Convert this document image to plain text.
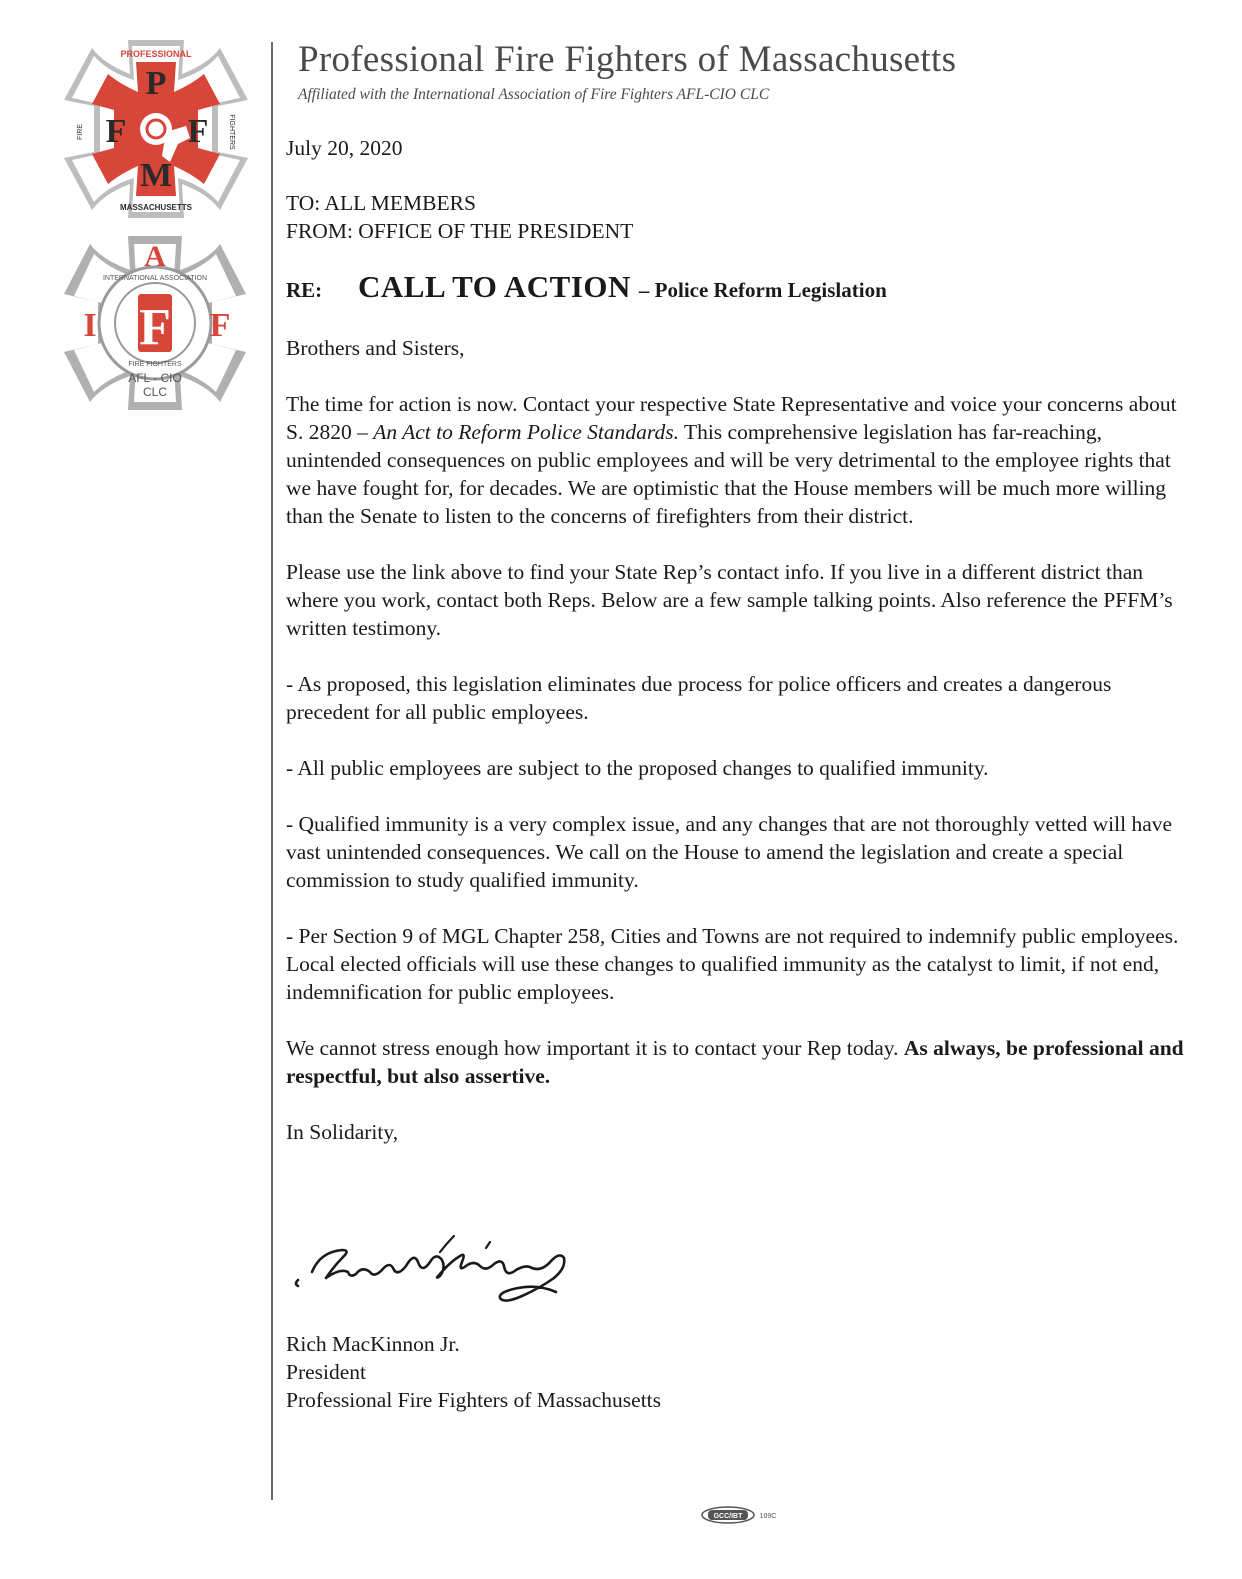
P
F F
M
PROFESSIONAL
MASSACHUSETTS
FIRE	FIGHTERS
F
A
I	F
INTERNATIONAL ASSOCIATION
FIRE FIGHTERS
AFL - CIO
CLC
Professional Fire Fighters of Massachusetts
Affiliated with the International Association of Fire Fighters AFL-CIO CLC

July 20, 2020

TO: ALL MEMBERS

FROM: OFFICE OF THE PRESIDENT

RE:	CALL TO ACTION – Police Reform Legislation

Brothers and Sisters,

The time for action is now. Contact your respective State Representative and voice your concerns about S. 2820 – An Act to Reform Police Standards. This comprehensive legislation has far-reaching, unintended consequences on public employees and will be very detrimental to the employee rights that we have fought for, for decades. We are optimistic that the House members will be much more willing than the Senate to listen to the concerns of firefighters from their district.

Please use the link above to find your State Rep’s contact info. If you live in a different district than where you work, contact both Reps. Below are a few sample talking points. Also reference the PFFM’s written testimony.

- As proposed, this legislation eliminates due process for police officers and creates a dangerous precedent for all public employees.

- All public employees are subject to the proposed changes to qualified immunity.

- Qualified immunity is a very complex issue, and any changes that are not thoroughly vetted will have vast unintended consequences. We call on the House to amend the legislation and create a special commission to study qualified immunity.

- Per Section 9 of MGL Chapter 258, Cities and Towns are not required to indemnify public employees. Local elected officials will use these changes to qualified immunity as the catalyst to limit, if not end, indemnification for public employees.

We cannot stress enough how important it is to contact your Rep today. As always, be professional and respectful, but also assertive.

In Solidarity,

Rich MacKinnon Jr.
President
Professional Fire Fighters of Massachusetts
GCC/IBT 109C
